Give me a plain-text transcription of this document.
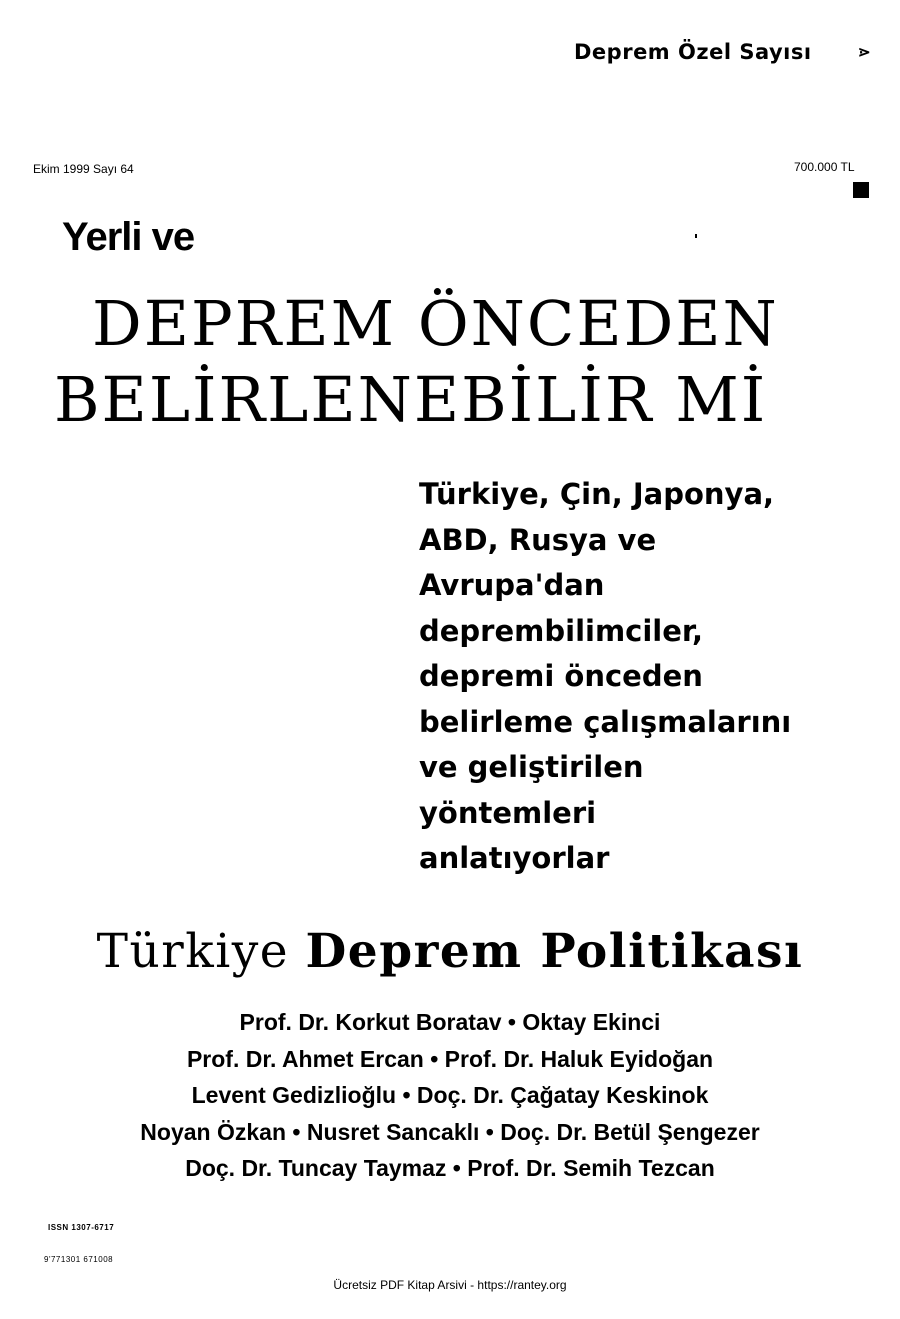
Deprem Özel Sayısı	⋗
Ekim 1999 Sayı 64	700.000 TL
Yerli ve
DEPREM ÖNCEDEN
BELİRLENEBİLİR Mİ
Türkiye, Çin, Japonya,
ABD, Rusya ve
Avrupa'dan
deprembilimciler,
depremi önceden
belirleme çalışmalarını
ve geliştirilen
yöntemleri
anlatıyorlar
Türkiye Deprem Politikası
Prof. Dr. Korkut Boratav • Oktay Ekinci
Prof. Dr. Ahmet Ercan • Prof. Dr. Haluk Eyidoğan
Levent Gedizlioğlu • Doç. Dr. Çağatay Keskinok
Noyan Özkan • Nusret Sancaklı • Doç. Dr. Betül Şengezer
Doç. Dr. Tuncay Taymaz • Prof. Dr. Semih Tezcan
ISSN 1307-6717
9'771301 671008
Ücretsiz PDF Kitap Arsivi - https://rantey.org
